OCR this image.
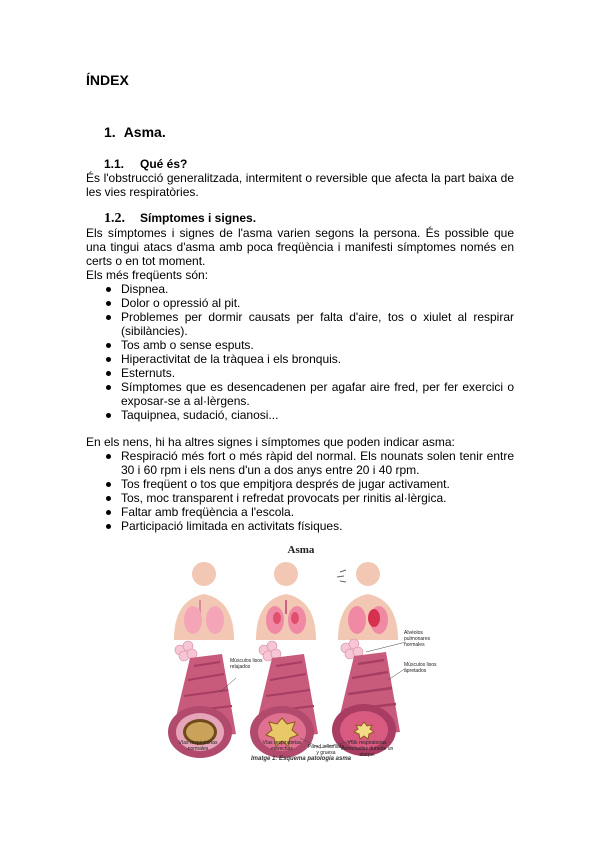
ÍNDEX
1. Asma.
1.1. Qué és?
És l'obstrucció generalitzada, intermitent o reversible que afecta la part baixa de les vies respiratòries.
1.2. Símptomes i signes.
Els símptomes i signes de l'asma varien segons la persona. És possible que una tingui atacs d'asma amb poca freqüència i manifesti símptomes només en certs o en tot moment.
Els més freqüents són:
Dispnea.
Dolor o opressió al pit.
Problemes per dormir causats per falta d'aire, tos o xiulet al respirar (sibilàncies).
Tos amb o sense esputs.
Hiperactivitat de la tràquea i els bronquis.
Esternuts.
Símptomes que es desencadenen per agafar aire fred, per fer exercici o exposar-se a al·lèrgens.
Taquipnea, sudació, cianosi...
En els nens, hi ha altres signes i símptomes que poden indicar asma:
Respiració més fort o més ràpid del normal. Els nounats solen tenir entre 30 i 60 rpm i els nens d'un a dos anys entre 20 i 40 rpm.
Tos freqüent o tos que empitjora després de jugar activament.
Tos, moc transparent i refredat provocats per rinitis al·lèrgica.
Faltar amb freqüència a l'escola.
Participació limitada en activitats físiques.
Asma
Músculos lisos relajados
Alvéolos pulmonares normales
Músculos lisos apretados
Vías respiratorias normales
Vías respiratorias estrechas	Pared inflamada y gruesa
Vías respiratorias estrechadas durante un ataque
Imatge 1: Esquema patologia asma
